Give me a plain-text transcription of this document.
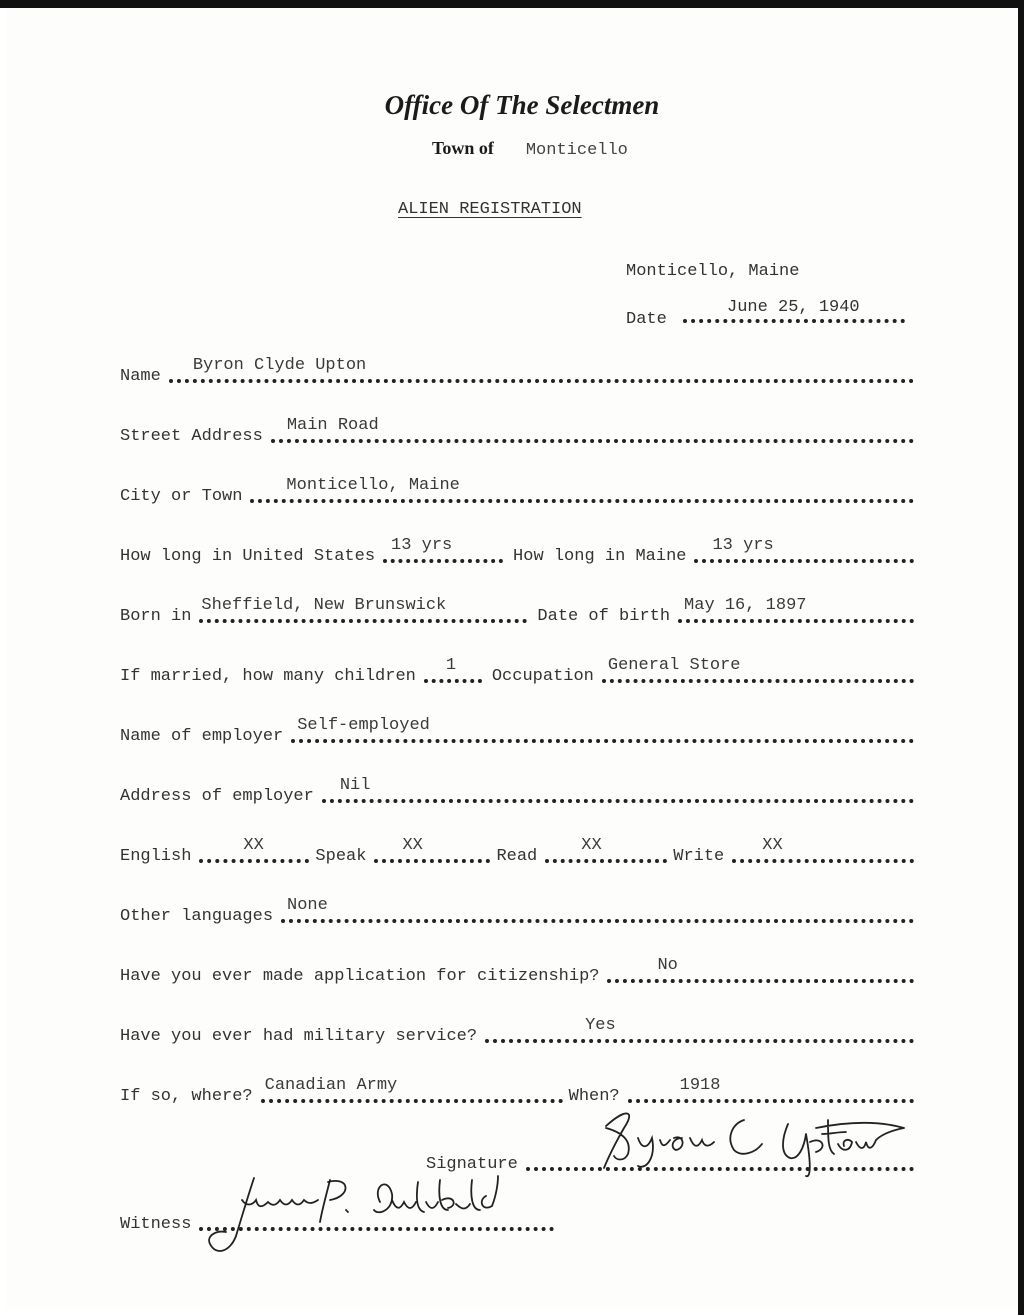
Office Of The Selectmen
Town of Monticello
ALIEN REGISTRATION
Monticello, Maine
Date
June 25, 1940
Name
Byron Clyde Upton
Street Address
Main Road
City or Town
Monticello, Maine
How long in United States
13 yrs
How long in Maine
13 yrs
Born in
Sheffield, New Brunswick
Date of birth
May 16, 1897
If married, how many children
1
Occupation
General Store
Name of employer
Self-employed
Address of employer
Nil
English
XX
Speak
XX
Read
XX
Write
XX
Other languages
None
Have you ever made application for citizenship?
No
Have you ever had military service?
Yes
If so, where?
Canadian Army
When?
1918
Signature
Witness
